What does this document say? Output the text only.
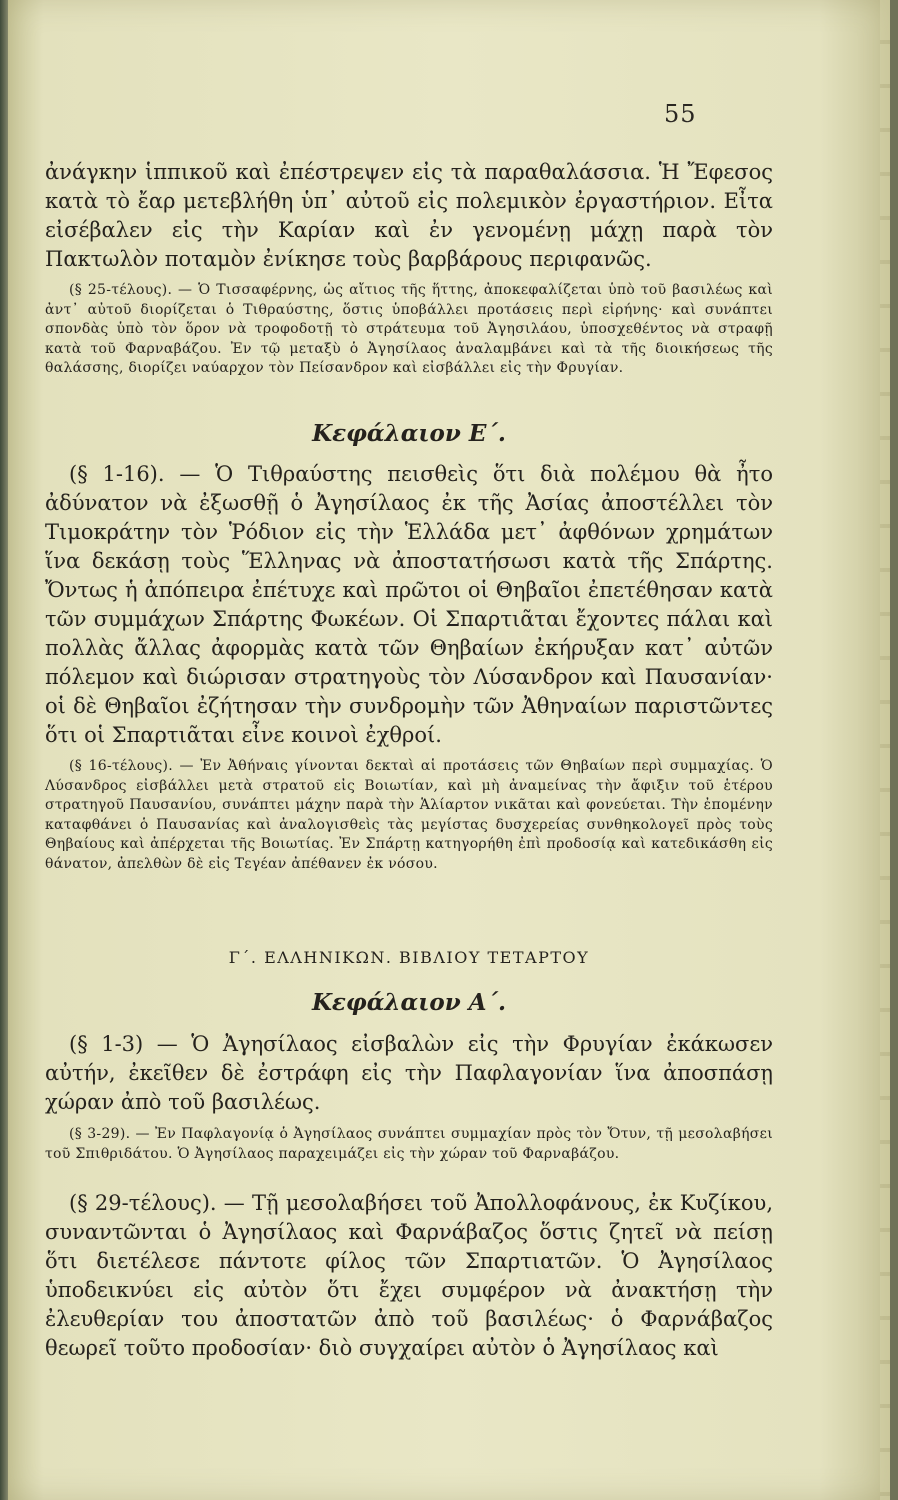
55

ἀνάγκην ἱππικοῦ καὶ ἐπέστρεψεν εἰς τὰ παραθαλάσσια. Ἡ Ἔφεσος κατὰ τὸ ἔαρ μετεβλήθη ὑπ᾽ αὐτοῦ εἰς πολεμικὸν ἐργαστήριον. Εἶτα εἰσέβαλεν εἰς τὴν Καρίαν καὶ ἐν γενομένῃ μάχῃ παρὰ τὸν Πακτωλὸν ποταμὸν ἐνίκησε τοὺς βαρβάρους περιφανῶς.

(§ 25-τέλους). — Ὁ Τισσαφέρνης, ὡς αἴτιος τῆς ἥττης, ἀποκεφαλίζεται ὑπὸ τοῦ βασιλέως καὶ ἀντ᾽ αὐτοῦ διορίζεται ὁ Τιθραύστης, ὅστις ὑποβάλλει προτάσεις περὶ εἰρήνης· καὶ συνάπτει σπονδὰς ὑπὸ τὸν ὅρον νὰ τροφοδοτῇ τὸ στράτευμα τοῦ Ἀγησιλάου, ὑποσχεθέντος νὰ στραφῇ κατὰ τοῦ Φαρναβάζου. Ἐν τῷ μεταξὺ ὁ Ἀγησίλαος ἀναλαμβάνει καὶ τὰ τῆς διοικήσεως τῆς θαλάσσης, διορίζει ναύαρχον τὸν Πείσανδρον καὶ εἰσβάλλει εἰς τὴν Φρυγίαν.

Κεφάλαιον Ε΄.

(§ 1-16). — Ὁ Τιθραύστης πεισθεὶς ὅτι διὰ πολέμου θὰ ἦτο ἀδύνατον νὰ ἐξωσθῇ ὁ Ἀγησίλαος ἐκ τῆς Ἀσίας ἀποστέλλει τὸν Τιμοκράτην τὸν Ῥόδιον εἰς τὴν Ἑλλάδα μετ᾽ ἀφθόνων χρημάτων ἵνα δεκάσῃ τοὺς Ἕλληνας νὰ ἀποστατήσωσι κατὰ τῆς Σπάρτης. Ὄντως ἡ ἀπόπειρα ἐπέτυχε καὶ πρῶτοι οἱ Θηβαῖοι ἐπετέθησαν κατὰ τῶν συμμάχων Σπάρτης Φωκέων. Οἱ Σπαρτιᾶται ἔχοντες πάλαι καὶ πολλὰς ἄλλας ἀφορμὰς κατὰ τῶν Θηβαίων ἐκήρυξαν κατ᾽ αὐτῶν πόλεμον καὶ διώρισαν στρατηγοὺς τὸν Λύσανδρον καὶ Παυσανίαν· οἱ δὲ Θηβαῖοι ἐζήτησαν τὴν συνδρομὴν τῶν Ἀθηναίων παριστῶντες ὅτι οἱ Σπαρτιᾶται εἶνε κοινοὶ ἐχθροί.

(§ 16-τέλους). — Ἐν Ἀθήναις γίνονται δεκταὶ αἱ προτάσεις τῶν Θηβαίων περὶ συμμαχίας. Ὁ Λύσανδρος εἰσβάλλει μετὰ στρατοῦ εἰς Βοιωτίαν, καὶ μὴ ἀναμείνας τὴν ἄφιξιν τοῦ ἑτέρου στρατηγοῦ Παυσανίου, συνάπτει μάχην παρὰ τὴν Ἁλίαρτον νικᾶται καὶ φονεύεται. Τὴν ἐπομένην καταφθάνει ὁ Παυσανίας καὶ ἀναλογισθεὶς τὰς μεγίστας δυσχερείας συνθηκολογεῖ πρὸς τοὺς Θηβαίους καὶ ἀπέρχεται τῆς Βοιωτίας. Ἐν Σπάρτῃ κατηγορήθη ἐπὶ προδοσίᾳ καὶ κατεδικάσθη εἰς θάνατον, ἀπελθὼν δὲ εἰς Τεγέαν ἀπέθανεν ἐκ νόσου.

Γ΄. ΕΛΛΗΝΙΚΩΝ. ΒΙΒΛΙΟΥ ΤΕΤΑΡΤΟΥ
Κεφάλαιον Α΄.

(§ 1-3) — Ὁ Ἀγησίλαος εἰσβαλὼν εἰς τὴν Φρυγίαν ἐκάκωσεν αὐτήν, ἐκεῖθεν δὲ ἐστράφη εἰς τὴν Παφλαγονίαν ἵνα ἀποσπάσῃ χώραν ἀπὸ τοῦ βασιλέως.

(§ 3-29). — Ἐν Παφλαγονίᾳ ὁ Ἀγησίλαος συνάπτει συμμαχίαν πρὸς τὸν Ὄτυν, τῇ μεσολαβήσει τοῦ Σπιθριδάτου. Ὁ Ἀγησίλαος παραχειμάζει εἰς τὴν χώραν τοῦ Φαρναβάζου.

(§ 29-τέλους). — Τῇ μεσολαβήσει τοῦ Ἀπολλοφάνους, ἐκ Κυζίκου, συναντῶνται ὁ Ἀγησίλαος καὶ Φαρνάβαζος ὅστις ζητεῖ νὰ πείσῃ ὅτι διετέλεσε πάντοτε φίλος τῶν Σπαρτιατῶν. Ὁ Ἀγησίλαος ὑποδεικνύει εἰς αὐτὸν ὅτι ἔχει συμφέρον νὰ ἀνακτήσῃ τὴν ἐλευθερίαν του ἀποστατῶν ἀπὸ τοῦ βασιλέως· ὁ Φαρνάβαζος θεωρεῖ τοῦτο προδοσίαν· διὸ συγχαίρει αὐτὸν ὁ Ἀγησίλαος καὶ
